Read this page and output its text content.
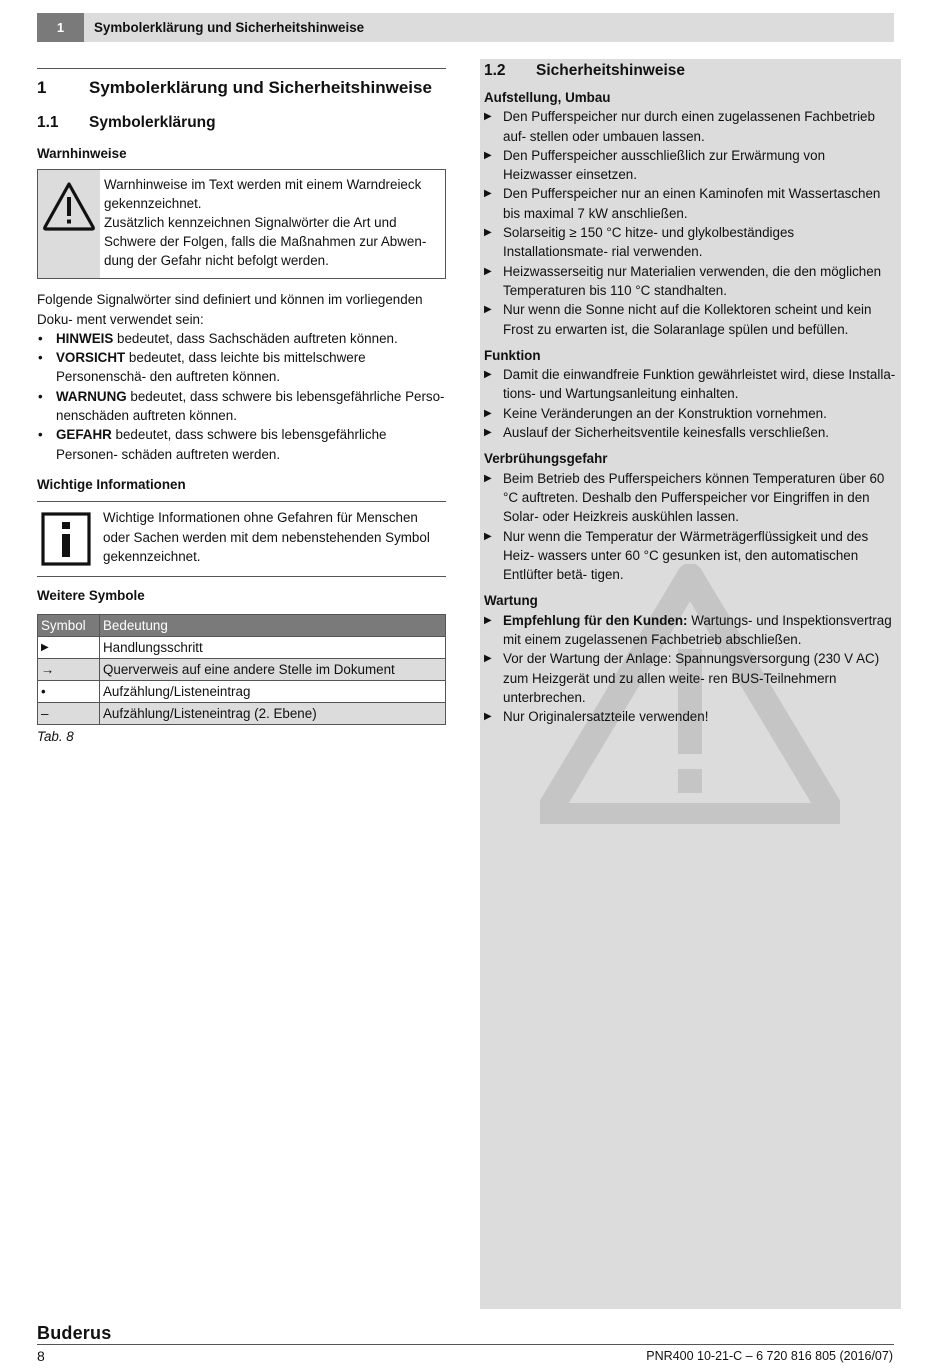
1	Symbolerklärung und Sicherheitshinweise
1	Symbolerklärung und Sicherheitshinweise
1.1	Symbolerklärung
Warnhinweise
Warnhinweise im Text werden mit einem Warndreieck
gekennzeichnet.
Zusätzlich kennzeichnen Signalwörter die Art und
Schwere der Folgen, falls die Maßnahmen zur Abwen-
dung der Gefahr nicht befolgt werden.
Folgende Signalwörter sind definiert und können im vorliegenden Doku- ment verwendet sein:
• HINWEIS bedeutet, dass Sachschäden auftreten können.
• VORSICHT bedeutet, dass leichte bis mittelschwere Personenschä- den auftreten können.
• WARNUNG bedeutet, dass schwere bis lebensgefährliche Perso- nenschäden auftreten können.
• GEFAHR bedeutet, dass schwere bis lebensgefährliche Personen- schäden auftreten werden.
Wichtige Informationen
Wichtige Informationen ohne Gefahren für Menschen
oder Sachen werden mit dem nebenstehenden Symbol
gekennzeichnet.
Weitere Symbole
Symbol	Bedeutung
▶	Handlungsschritt
→	Querverweis auf eine andere Stelle im Dokument
•	Aufzählung/Listeneintrag
–	Aufzählung/Listeneintrag (2. Ebene)
Tab. 8
1.2	Sicherheitshinweise
Aufstellung, Umbau
▶ Den Pufferspeicher nur durch einen zugelassenen Fachbetrieb auf- stellen oder umbauen lassen.
▶ Den Pufferspeicher ausschließlich zur Erwärmung von Heizwasser einsetzen.
▶ Den Pufferspeicher nur an einen Kaminofen mit Wassertaschen bis maximal 7 kW anschließen.
▶ Solarseitig ≥ 150 °C hitze- und glykolbeständiges Installationsmate- rial verwenden.
▶ Heizwasserseitig nur Materialien verwenden, die den möglichen Temperaturen bis 110 °C standhalten.
▶ Nur wenn die Sonne nicht auf die Kollektoren scheint und kein Frost zu erwarten ist, die Solaranlage spülen und befüllen.
Funktion
▶ Damit die einwandfreie Funktion gewährleistet wird, diese Installa- tions- und Wartungsanleitung einhalten.
▶ Keine Veränderungen an der Konstruktion vornehmen.
▶ Auslauf der Sicherheitsventile keinesfalls verschließen.
Verbrühungsgefahr
▶ Beim Betrieb des Pufferspeichers können Temperaturen über 60 °C auftreten. Deshalb den Pufferspeicher vor Eingriffen in den Solar- oder Heizkreis auskühlen lassen.
▶ Nur wenn die Temperatur der Wärmeträgerflüssigkeit und des Heiz- wassers unter 60 °C gesunken ist, den automatischen Entlüfter betä- tigen.
Wartung
▶ Empfehlung für den Kunden: Wartungs- und Inspektionsvertrag mit einem zugelassenen Fachbetrieb abschließen.
▶ Vor der Wartung der Anlage: Spannungsversorgung (230 V AC) zum Heizgerät und zu allen weite- ren BUS-Teilnehmern unterbrechen.
▶ Nur Originalersatzteile verwenden!
Buderus
8	PNR400 10-21-C – 6 720 816 805 (2016/07)
